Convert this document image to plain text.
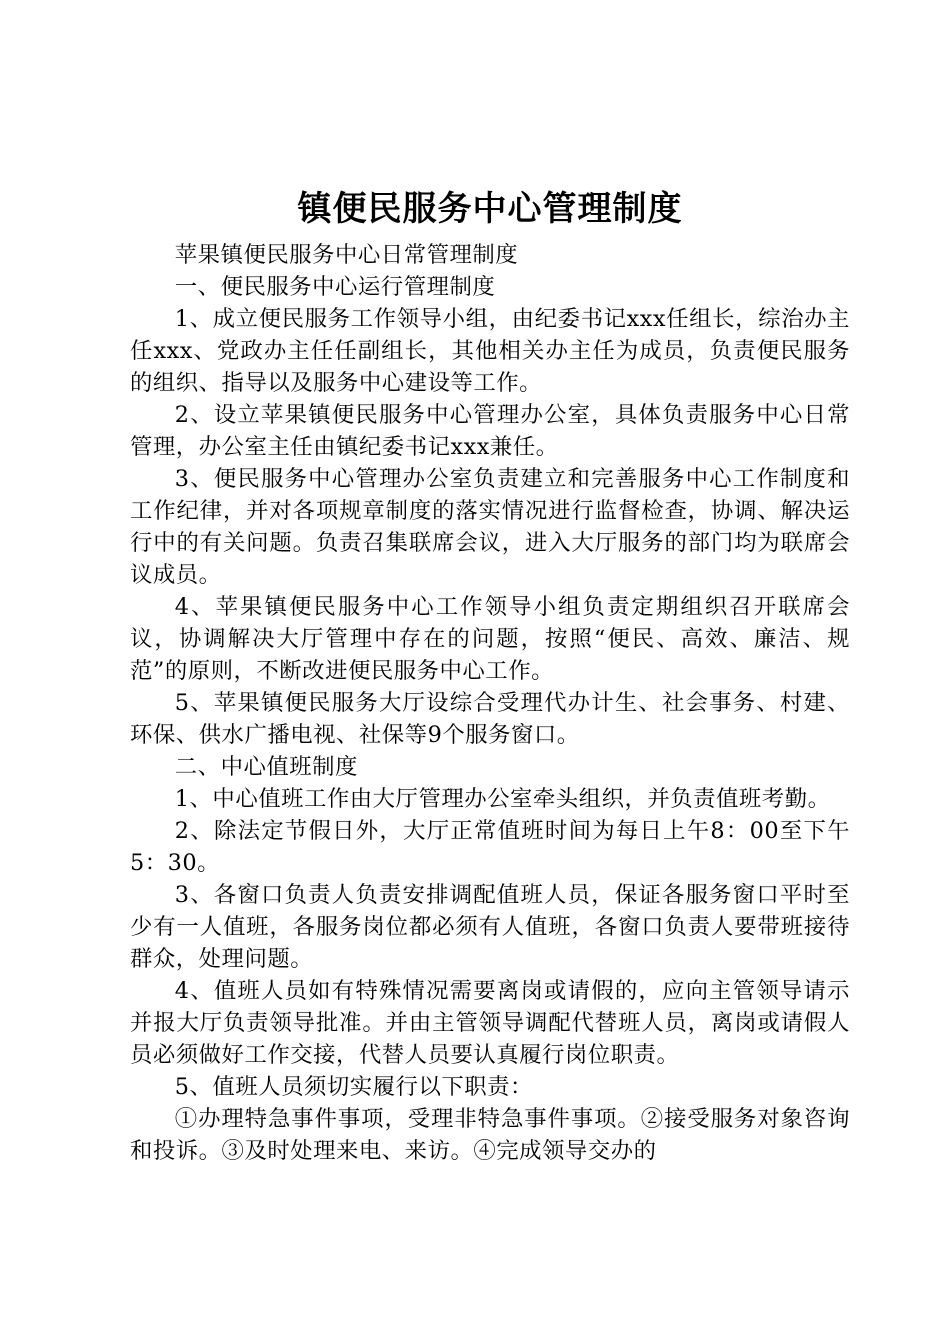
镇便民服务中心管理制度

苹果镇便民服务中心日常管理制度

一、便民服务中心运行管理制度

1、成立便民服务工作领导小组，由纪委书记xxx任组长，综治办主任xxx、党政办主任任副组长，其他相关办主任为成员，负责便民服务的组织、指导以及服务中心建设等工作。

2、设立苹果镇便民服务中心管理办公室，具体负责服务中心日常管理，办公室主任由镇纪委书记xxx兼任。

3、便民服务中心管理办公室负责建立和完善服务中心工作制度和工作纪律，并对各项规章制度的落实情况进行监督检查，协调、解决运行中的有关问题。负责召集联席会议，进入大厅服务的部门均为联席会议成员。

4、苹果镇便民服务中心工作领导小组负责定期组织召开联席会议，协调解决大厅管理中存在的问题，按照“便民、高效、廉洁、规范”的原则，不断改进便民服务中心工作。

5、苹果镇便民服务大厅设综合受理代办计生、社会事务、村建、环保、供水广播电视、社保等9个服务窗口。

二、中心值班制度

1、中心值班工作由大厅管理办公室牵头组织，并负责值班考勤。

2、除法定节假日外，大厅正常值班时间为每日上午8：00至下午5：30。

3、各窗口负责人负责安排调配值班人员，保证各服务窗口平时至少有一人值班，各服务岗位都必须有人值班，各窗口负责人要带班接待群众，处理问题。

4、值班人员如有特殊情况需要离岗或请假的，应向主管领导请示并报大厅负责领导批准。并由主管领导调配代替班人员，离岗或请假人员必须做好工作交接，代替人员要认真履行岗位职责。

5、值班人员须切实履行以下职责：

①办理特急事件事项，受理非特急事件事项。②接受服务对象咨询和投诉。③及时处理来电、来访。④完成领导交办的
